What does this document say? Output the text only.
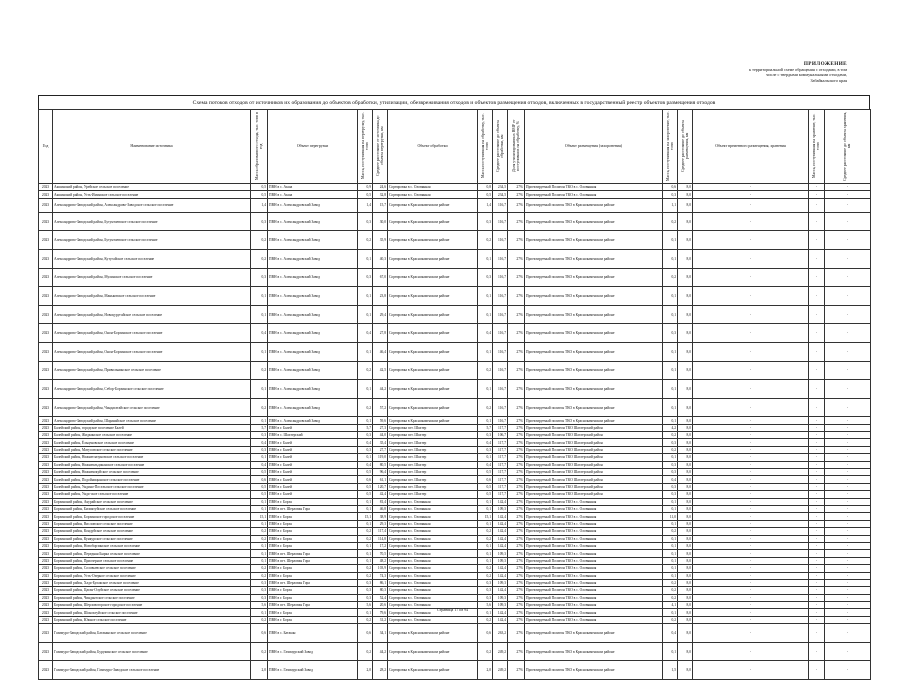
ПРИЛОЖЕНИЕ
к территориальной схеме обращения с отходами, в том
числе с твердыми коммунальными отходами,
Забайкальского края
Схема потоков отходов от источников их образования до объектов обработки, утилизации, обезвреживания отходов и объектов размещения отходов, включенных в государственный реестр объектов размещения отходов
Год	Наименование источника	Масса образованного отхода, тыс. тонн в год	Объект перегрузки	Масса, поступившая на перегрузку, тыс. тонн	Среднее расстояние от источника до объекта перегрузки, км	Объект обработки	Масса поступившая на обработку, тыс. тонн	Среднее расстояние до объекта обработки, км	Доля утилизированных ВМР от поступивших на обработку, %	Объект размещения (захоронения)	Масса, поступившая на захоронение, тыс. тонн	Среднее расстояние до объекта размещения, км	Объект временного размещения, хранения	Масса, поступившая на хранение, тыс. тонн	Среднее расстояние до объекта хранения, км
2023	Акшинский район, Урейское сельское поселение	0,5	ПВН в с. Акша	0,9	24,6	Сортировка в с. Оловянная	0,8	234,5	27%	Проектируемый Полигон ТКО в с. Оловянная	0,6	8,0	-	-	-
2023	Акшинский район, Усть-Иминское сельское поселение	0,5	ПВН в с. Акша	0,5	32,8	Сортировка в с. Оловянная	0,5	234,5	27%	Проектируемый Полигон ТКО в с. Оловянная	0,3	8,0	-	-	-
2023	Александрово-Заводский район, Александрово-Заводское сельское поселение	1,4	ПВН в с. Александровский Завод	1,4	15,7	Сортировка в Краснокаменском районе	1,4	116,7	27%	Проектируемый полигон ТКО в Краснокаменском районе	1,1	8,0	-	-	-
2023	Александрово-Заводский район, Бутунтаевское сельское поселение	0,3	ПВН в с. Александровский Завод	0,3	30,0	Сортировка в Краснокаменском районе	0,3	116,7	27%	Проектируемый полигон ТКО в Краснокаменском районе	0,2	8,0	-	-	-
2023	Александрово-Заводский район, Бутунтаевское сельское поселение	0,2	ПВН в с. Александровский Завод	0,2	35,9	Сортировка в Краснокаменском районе	0,2	116,7	27%	Проектируемый полигон ТКО в Краснокаменском районе	0,1	8,0	-	-	-
2023	Александрово-Заводский район, Кутугайское сельское поселение	0,2	ПВН в с. Александровский Завод	0,1	40,3	Сортировка в Краснокаменском районе	0,1	116,7	27%	Проектируемый полигон ТКО в Краснокаменском районе	0,1	8,0	-	-	-
2023	Александрово-Заводский район, Мулинское сельское поселение	0,3	ПВН в с. Александровский Завод	0,3	67,0	Сортировка в Краснокаменском районе	0,3	116,7	27%	Проектируемый полигон ТКО в Краснокаменском районе	0,2	8,0	-	-	-
2023	Александрово-Заводский район, Маньковское сельское поселение	0,1	ПВН в с. Александровский Завод	0,1	23,8	Сортировка в Краснокаменском районе	0,1	116,7	27%	Проектируемый полигон ТКО в Краснокаменском районе	0,1	8,0	-	-	-
2023	Александрово-Заводский район, Новоцуругайское сельское поселение	0,1	ПВН в с. Александровский Завод	0,1	29,4	Сортировка в Краснокаменском районе	0,1	116,7	27%	Проектируемый полигон ТКО в Краснокаменском районе	0,1	8,0	-	-	-
2023	Александрово-Заводский район, Онон-Борзинское сельское поселение	0,4	ПВН в с. Александровский Завод	0,4	27,8	Сортировка в Краснокаменском районе	0,4	116,7	27%	Проектируемый полигон ТКО в Краснокаменском районе	0,3	8,0	-	-	-
2023	Александрово-Заводский район, Онон-Борзинское сельское поселение	0,1	ПВН в с. Александровский Завод	0,1	46,4	Сортировка в Краснокаменском районе	0,1	116,7	27%	Проектируемый полигон ТКО в Краснокаменском районе	0,1	8,0	-	-	-
2023	Александрово-Заводский район, Привольнинское сельское поселение	0,2	ПВН в с. Александровский Завод	0,2	42,5	Сортировка в Краснокаменском районе	0,2	116,7	27%	Проектируемый полигон ТКО в Краснокаменском районе	0,1	8,0	-	-	-
2023	Александрово-Заводский район, Себор-Борзинское сельское поселение	0,1	ПВН в с. Александровский Завод	0,1	44,2	Сортировка в Краснокаменском районе	0,1	116,7	27%	Проектируемый полигон ТКО в Краснокаменском районе	0,1	8,0	-	-	-
2023	Александрово-Заводский район, Чиндагатайское сельское поселение	0,2	ПВН в с. Александровский Завод	0,2	57,2	Сортировка в Краснокаменском районе	0,2	116,7	27%	Проектируемый полигон ТКО в Краснокаменском районе	0,1	8,0	-	-	-
2023	Александрово-Заводский район, Шаранайское сельское поселение	0,1	ПВН в с. Александровский Завод	0,1	59,6	Сортировка в Краснокаменском районе	0,1	116,7	27%	Проектируемый полигон ТКО в Краснокаменском районе	0,1	8,0	-	-	-
2023	Балейский район, городское поселение Балей	5,7	ПВН в г. Балей	5,7	27,3	Сортировка пгт. Шахтер	5,7	117,7	27%	Проектируемый Полигон ТКО Шахтерский район	4,2	8,0	-	-	-
2023	Балейский район, Жидкинское сельское поселение	0,3	ПВН в с. Шахтерский	0,3	44,0	Сортировка пгт. Шахтер	0,3	106,7	27%	Проектируемый Полигон ТКО Шахтерский район	0,2	8,0	-	-	-
2023	Балейский район, Ёльценовское сельское поселение	0,4	ПВН в г. Балей	0,4	35,4	Сортировка пгт. Шахтер	0,4	117,7	27%	Проектируемый Полигон ТКО Шахтерский район	0,3	8,0	-	-	-
2023	Балейский район, Матусовское сельское поселение	0,3	ПВН в г. Балей	0,3	27,7	Сортировка пгт. Шахтер	0,3	117,7	27%	Проектируемый Полигон ТКО Шахтерский район	0,2	8,0	-	-	-
2023	Балейский район, Нижнеглазуновское сельское поселение	0,1	ПВН в г. Балей	0,1	119,0	Сортировка пгт. Шахтер	0,1	117,7	27%	Проектируемый Полигон ТКО Шахтерский район	0,1	8,0	-	-	-
2023	Балейский район, Нижнеильдиканское сельское поселение	0,4	ПВН в г. Балей	0,4	80,5	Сортировка пгт. Шахтер	0,4	117,7	27%	Проектируемый Полигон ТКО Шахтерский район	0,3	8,0	-	-	-
2023	Балейский район, Нижнекокуйское сельское поселение	0,5	ПВН в г. Балей	0,5	96,4	Сортировка пгт. Шахтер	0,5	117,7	27%	Проектируемый Полигон ТКО Шахтерский район	0,3	8,0	-	-	-
2023	Балейский район, Подойницынское сельское поселение	0,6	ПВН в г. Балей	0,6	61,1	Сортировка пгт. Шахтер	0,6	117,7	27%	Проектируемый Полигон ТКО Шахтерский район	0,4	8,0	-	-	-
2023	Балейский район, Ундино-Посельское сельское поселение	0,5	ПВН в г. Балей	0,5	120,7	Сортировка пгт. Шахтер	0,5	117,7	27%	Проектируемый Полигон ТКО Шахтерский район	0,3	8,0	-	-	-
2023	Балейский район, Унда-ское сельское поселение	0,5	ПВН в г. Балей	0,5	42,4	Сортировка пгт. Шахтер	0,5	117,7	27%	Проектируемый Полигон ТКО Шахтерский район	0,3	8,0	-	-	-
2023	Борзинский район, Акурайское сельское поселение	0,1	ПВН в г. Борзя	0,1	81,4	Сортировка в с. Оловянная	0,1	142,4	27%	Проектируемый Полигон ТКО в с. Оловянная	0,1	8,0	-	-	-
2023	Борзинский район, Биликтуйское сельское поселение	0,1	ПВН в пгт. Шерловая Гора	0,1	46,8	Сортировка в с. Оловянная	0,1	109,3	27%	Проектируемый Полигон ТКО в с. Оловянная	0,1	8,0	-	-	-
2023	Борзинский район, Борзинское городское поселение	15,1	ПВН в г. Борзя	15,1	38,9	Сортировка в с. Оловянная	15,1	142,4	27%	Проектируемый Полигон ТКО в с. Оловянная	11,0	8,0	-	-	-
2023	Борзинский район, Висловское сельское поселение	0,1	ПВН в г. Борзя	0,1	29,3	Сортировка в с. Оловянная	0,1	142,4	27%	Проектируемый Полигон ТКО в с. Оловянная	0,1	8,0	-	-	-
2023	Борзинский район, Кондуйское сельское поселение	0,2	ПВН в г. Борзя	0,2	117,4	Сортировка в с. Оловянная	0,2	142,4	27%	Проектируемый Полигон ТКО в с. Оловянная	0,2	8,0	-	-	-
2023	Борзинский район, Кункурское сельское поселение	0,2	ПВН в г. Борзя	0,2	114,8	Сортировка в с. Оловянная	0,2	142,4	27%	Проектируемый Полигон ТКО в с. Оловянная	0,1	8,0	-	-	-
2023	Борзинский район, Новоборзинское сельское поселение	0,1	ПВН в г. Борзя	0,1	17,2	Сортировка в с. Оловянная	0,1	142,4	27%	Проектируемый Полигон ТКО в с. Оловянная	0,1	8,0	-	-	-
2023	Борзинский район, Передняя Бырка сельское поселение	0,1	ПВН в пгт. Шерловая Гора	0,1	70,5	Сортировка в с. Оловянная	0,1	109,3	27%	Проектируемый Полигон ТКО в с. Оловянная	0,1	8,0	-	-	-
2023	Борзинский район, Приозерное сельское поселение	0,1	ПВН в пгт. Шерловая Гора	0,1	48,2	Сортировка в с. Оловянная	0,1	109,3	27%	Проектируемый Полигон ТКО в с. Оловянная	0,1	8,0	-	-	-
2023	Борзинский район, Соловьевское сельское поселение	0,2	ПВН в г. Борзя	0,2	103,9	Сортировка в с. Оловянная	0,2	142,4	27%	Проектируемый Полигон ТКО в с. Оловянная	0,1	8,0	-	-	-
2023	Борзинский район, Усть-Озерное сельское поселение	0,2	ПВН в г. Борзя	0,2	74,3	Сортировка в с. Оловянная	0,2	142,4	27%	Проектируемый Полигон ТКО в с. Оловянная	0,1	8,0	-	-	-
2023	Борзинский район, Хада-Булакское сельское поселение	0,3	ПВН в пгт. Шерловая Гора	0,3	86,1	Сортировка в с. Оловянная	0,3	109,3	27%	Проектируемый Полигон ТКО в с. Оловянная	0,2	8,0	-	-	-
2023	Борзинский район, Цаган-Олуйское сельское поселение	0,3	ПВН в г. Борзя	0,3	80,3	Сортировка в с. Оловянная	0,3	142,4	27%	Проектируемый Полигон ТКО в с. Оловянная	0,2	8,0	-	-	-
2023	Борзинский район, Чиндантское сельское поселение	0,3	ПВН в г. Борзя	0,3	52,4	Сортировка в с. Оловянная	0,3	109,3	27%	Проектируемый Полигон ТКО в с. Оловянная	0,2	8,0	-	-	-
2023	Борзинский район, Шерловогорское городское поселение	5,6	ПВН в пгт. Шерловая Гора	5,6	20,6	Сортировка в с. Оловянная	5,6	109,3	27%	Проектируемый Полигон ТКО в с. Оловянная	4,1	8,0	-	-	-
2023	Борзинский район, Шоноктуйское сельское поселение	0,1	ПВН в г. Борзя	0,1	79,6	Сортировка в с. Оловянная	0,1	142,4	27%	Проектируемый Полигон ТКО в с. Оловянная	0,1	8,0	-	-	-
2023	Борзинский район, Южное сельское поселение	0,2	ПВН в г. Борзя	0,2	31,2	Сортировка в с. Оловянная	0,2	142,4	27%	Проектируемый Полигон ТКО в с. Оловянная	0,2	8,0	-	-	-
2023	Газимуро-Заводский район, Батаканское сельское поселение	0,6	ПВН в с. Батакан	0,6	34,1	Сортировка в Краснокаменском районе	0,6	263,2	27%	Проектируемый полигон ТКО в Краснокаменском районе	0,4	8,0	-	-	-
2023	Газимуро-Заводский район, Бурукинское сельское поселение	0,2	ПВН в с. Газимурский Завод	0,2	44,2	Сортировка в Краснокаменском районе	0,2	249,2	27%	Проектируемый полигон ТКО в Краснокаменском районе	0,1	8,0	-	-	-
2023	Газимуро-Заводский район, Газимуро-Заводское сельское поселение	2,0	ПВН в с. Газимурский Завод	2,0	28,2	Сортировка в Краснокаменском районе	2,0	249,2	27%	Проектируемый полигон ТКО в Краснокаменском районе	1,5	8,0	-	-	-
Страница 17 из 94
